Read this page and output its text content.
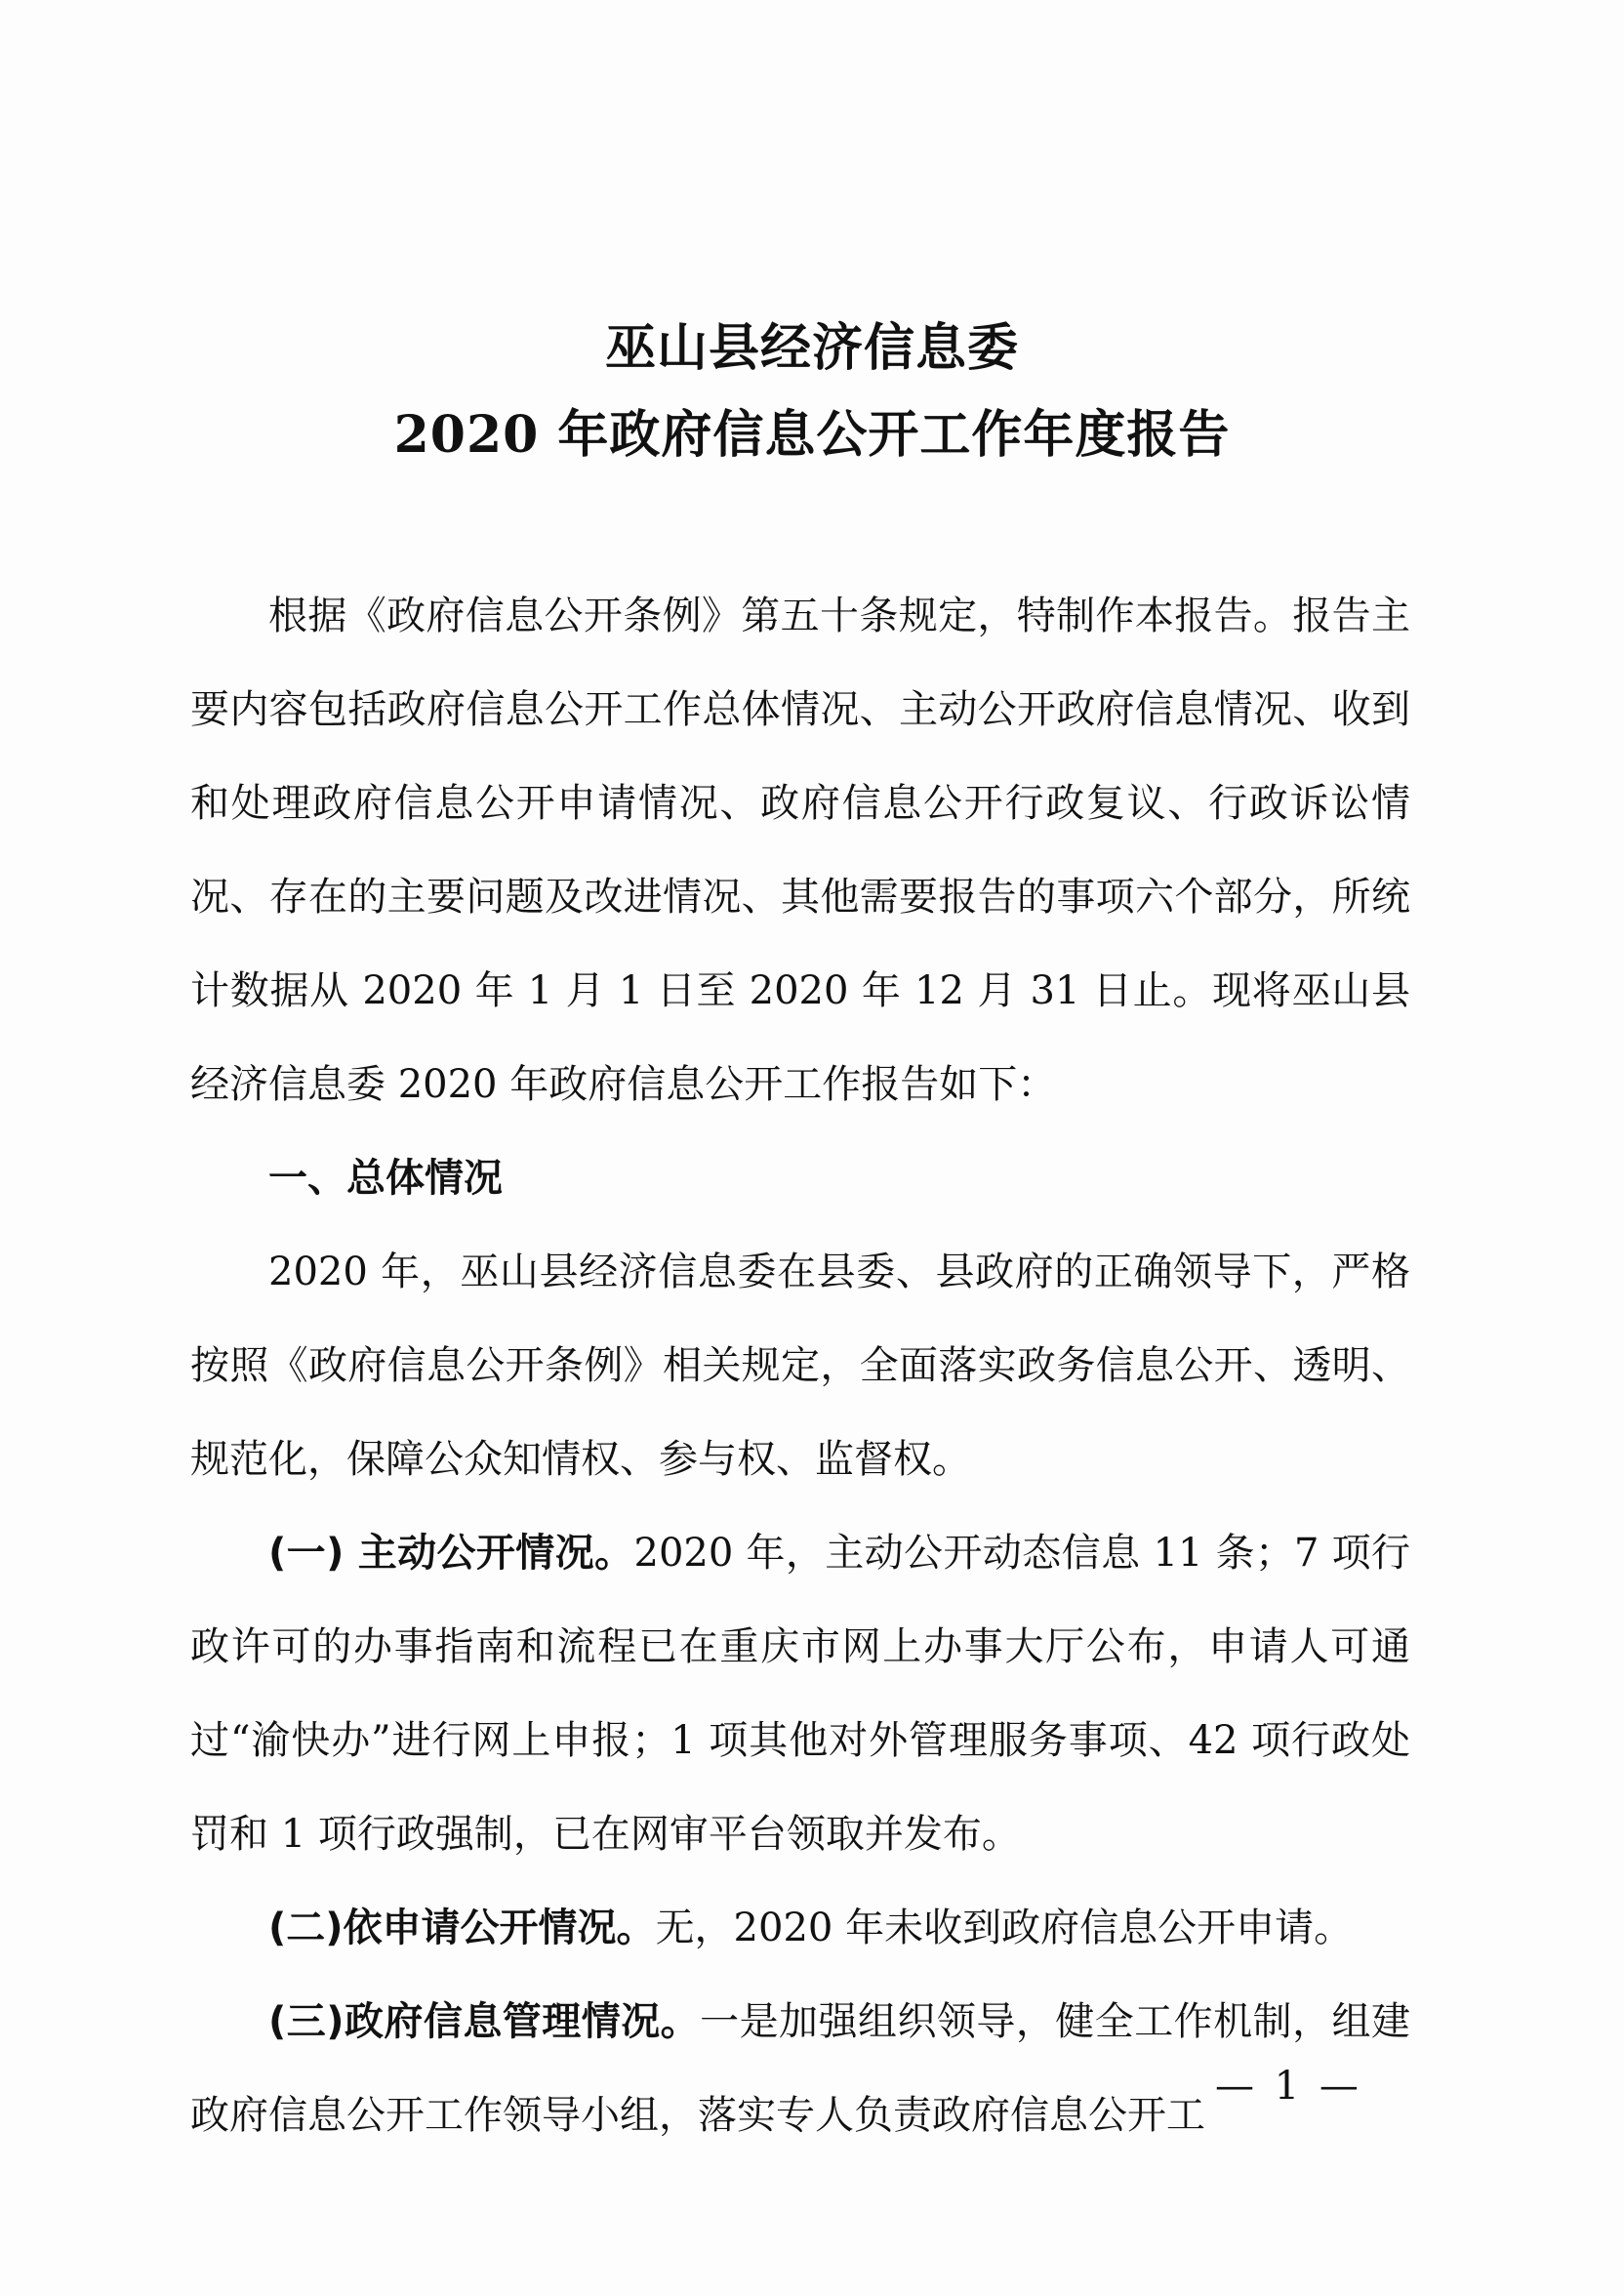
巫山县经济信息委
2020 年政府信息公开工作年度报告

根据《政府信息公开条例》第五十条规定，特制作本报告。报告主要内容包括政府信息公开工作总体情况、主动公开政府信息情况、收到和处理政府信息公开申请情况、政府信息公开行政复议、行政诉讼情况、存在的主要问题及改进情况、其他需要报告的事项六个部分，所统计数据从 2020 年 1 月 1 日至 2020 年 12 月 31 日止。现将巫山县经济信息委 2020 年政府信息公开工作报告如下：

一、总体情况

2020 年，巫山县经济信息委在县委、县政府的正确领导下，严格按照《政府信息公开条例》相关规定，全面落实政务信息公开、透明、规范化，保障公众知情权、参与权、监督权。

(一) 主动公开情况。2020 年，主动公开动态信息 11 条；7 项行政许可的办事指南和流程已在重庆市网上办事大厅公布，申请人可通过“渝快办”进行网上申报；1 项其他对外管理服务事项、42 项行政处罚和 1 项行政强制，已在网审平台领取并发布。

(二)依申请公开情况。无，2020 年未收到政府信息公开申请。

(三)政府信息管理情况。一是加强组织领导，健全工作机制，组建政府信息公开工作领导小组，落实专人负责政府信息公开工

— 1 —
